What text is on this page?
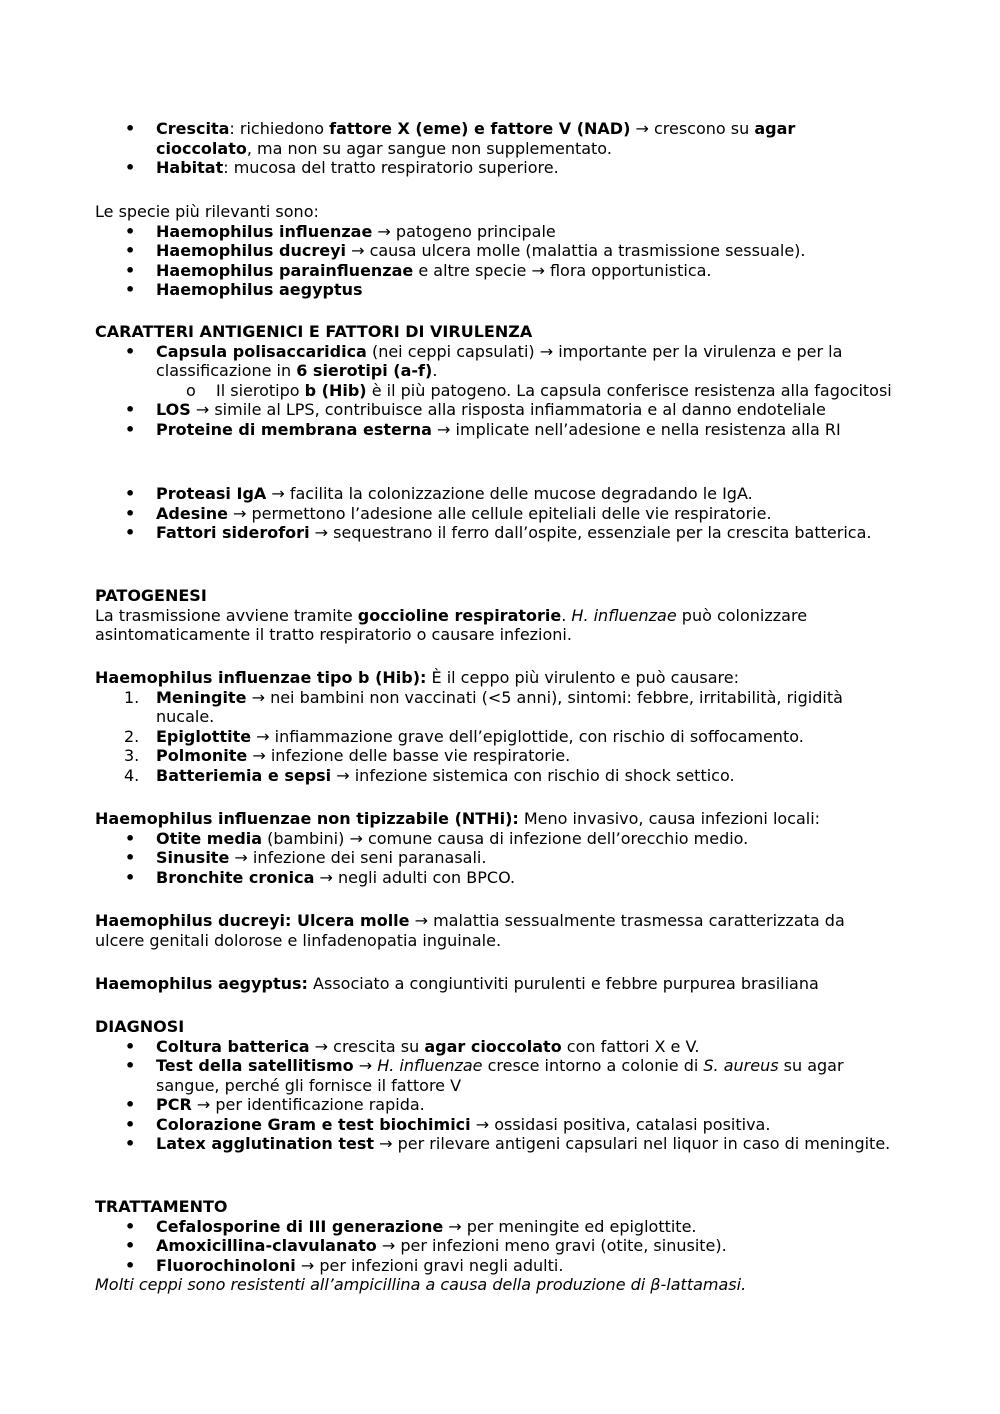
• Crescita: richiedono fattore X (eme) e fattore V (NAD) → crescono su agar cioccolato, ma non su agar sangue non supplementato.
• Habitat: mucosa del tratto respiratorio superiore.

Le specie più rilevanti sono:

• Haemophilus influenzae → patogeno principale
• Haemophilus ducreyi → causa ulcera molle (malattia a trasmissione sessuale).
• Haemophilus parainfluenzae e altre specie → flora opportunistica.
• Haemophilus aegyptus

CARATTERI ANTIGENICI E FATTORI DI VIRULENZA

• Capsula polisaccaridica (nei ceppi capsulati) → importante per la virulenza e per la classificazione in 6 sierotipi (a-f).
o Il sierotipo b (Hib) è il più patogeno. La capsula conferisce resistenza alla fagocitosi
• LOS → simile al LPS, contribuisce alla risposta infiammatoria e al danno endoteliale
• Proteine di membrana esterna → implicate nell’adesione e nella resistenza alla RI
• Proteasi IgA → facilita la colonizzazione delle mucose degradando le IgA.
• Adesine → permettono l’adesione alle cellule epiteliali delle vie respiratorie.
• Fattori siderofori → sequestrano il ferro dall’ospite, essenziale per la crescita batterica.

PATOGENESI

La trasmissione avviene tramite goccioline respiratorie. H. influenzae può colonizzare asintomaticamente il tratto respiratorio o causare infezioni.

Haemophilus influenzae tipo b (Hib): È il ceppo più virulento e può causare:

1. Meningite → nei bambini non vaccinati (<5 anni), sintomi: febbre, irritabilità, rigidità nucale.
2. Epiglottite → infiammazione grave dell’epiglottide, con rischio di soffocamento.
3. Polmonite → infezione delle basse vie respiratorie.
4. Batteriemia e sepsi → infezione sistemica con rischio di shock settico.

Haemophilus influenzae non tipizzabile (NTHi): Meno invasivo, causa infezioni locali:

• Otite media (bambini) → comune causa di infezione dell’orecchio medio.
• Sinusite → infezione dei seni paranasali.
• Bronchite cronica → negli adulti con BPCO.

Haemophilus ducreyi: Ulcera molle → malattia sessualmente trasmessa caratterizzata da ulcere genitali dolorose e linfadenopatia inguinale.

Haemophilus aegyptus: Associato a congiuntiviti purulenti e febbre purpurea brasiliana

DIAGNOSI

• Coltura batterica → crescita su agar cioccolato con fattori X e V.
• Test della satellitismo → H. influenzae cresce intorno a colonie di S. aureus su agar sangue, perché gli fornisce il fattore V
• PCR → per identificazione rapida.
• Colorazione Gram e test biochimici → ossidasi positiva, catalasi positiva.
• Latex agglutination test → per rilevare antigeni capsulari nel liquor in caso di meningite.

TRATTAMENTO

• Cefalosporine di III generazione → per meningite ed epiglottite.
• Amoxicillina-clavulanato → per infezioni meno gravi (otite, sinusite).
• Fluorochinoloni → per infezioni gravi negli adulti.

Molti ceppi sono resistenti all’ampicillina a causa della produzione di β-lattamasi.
